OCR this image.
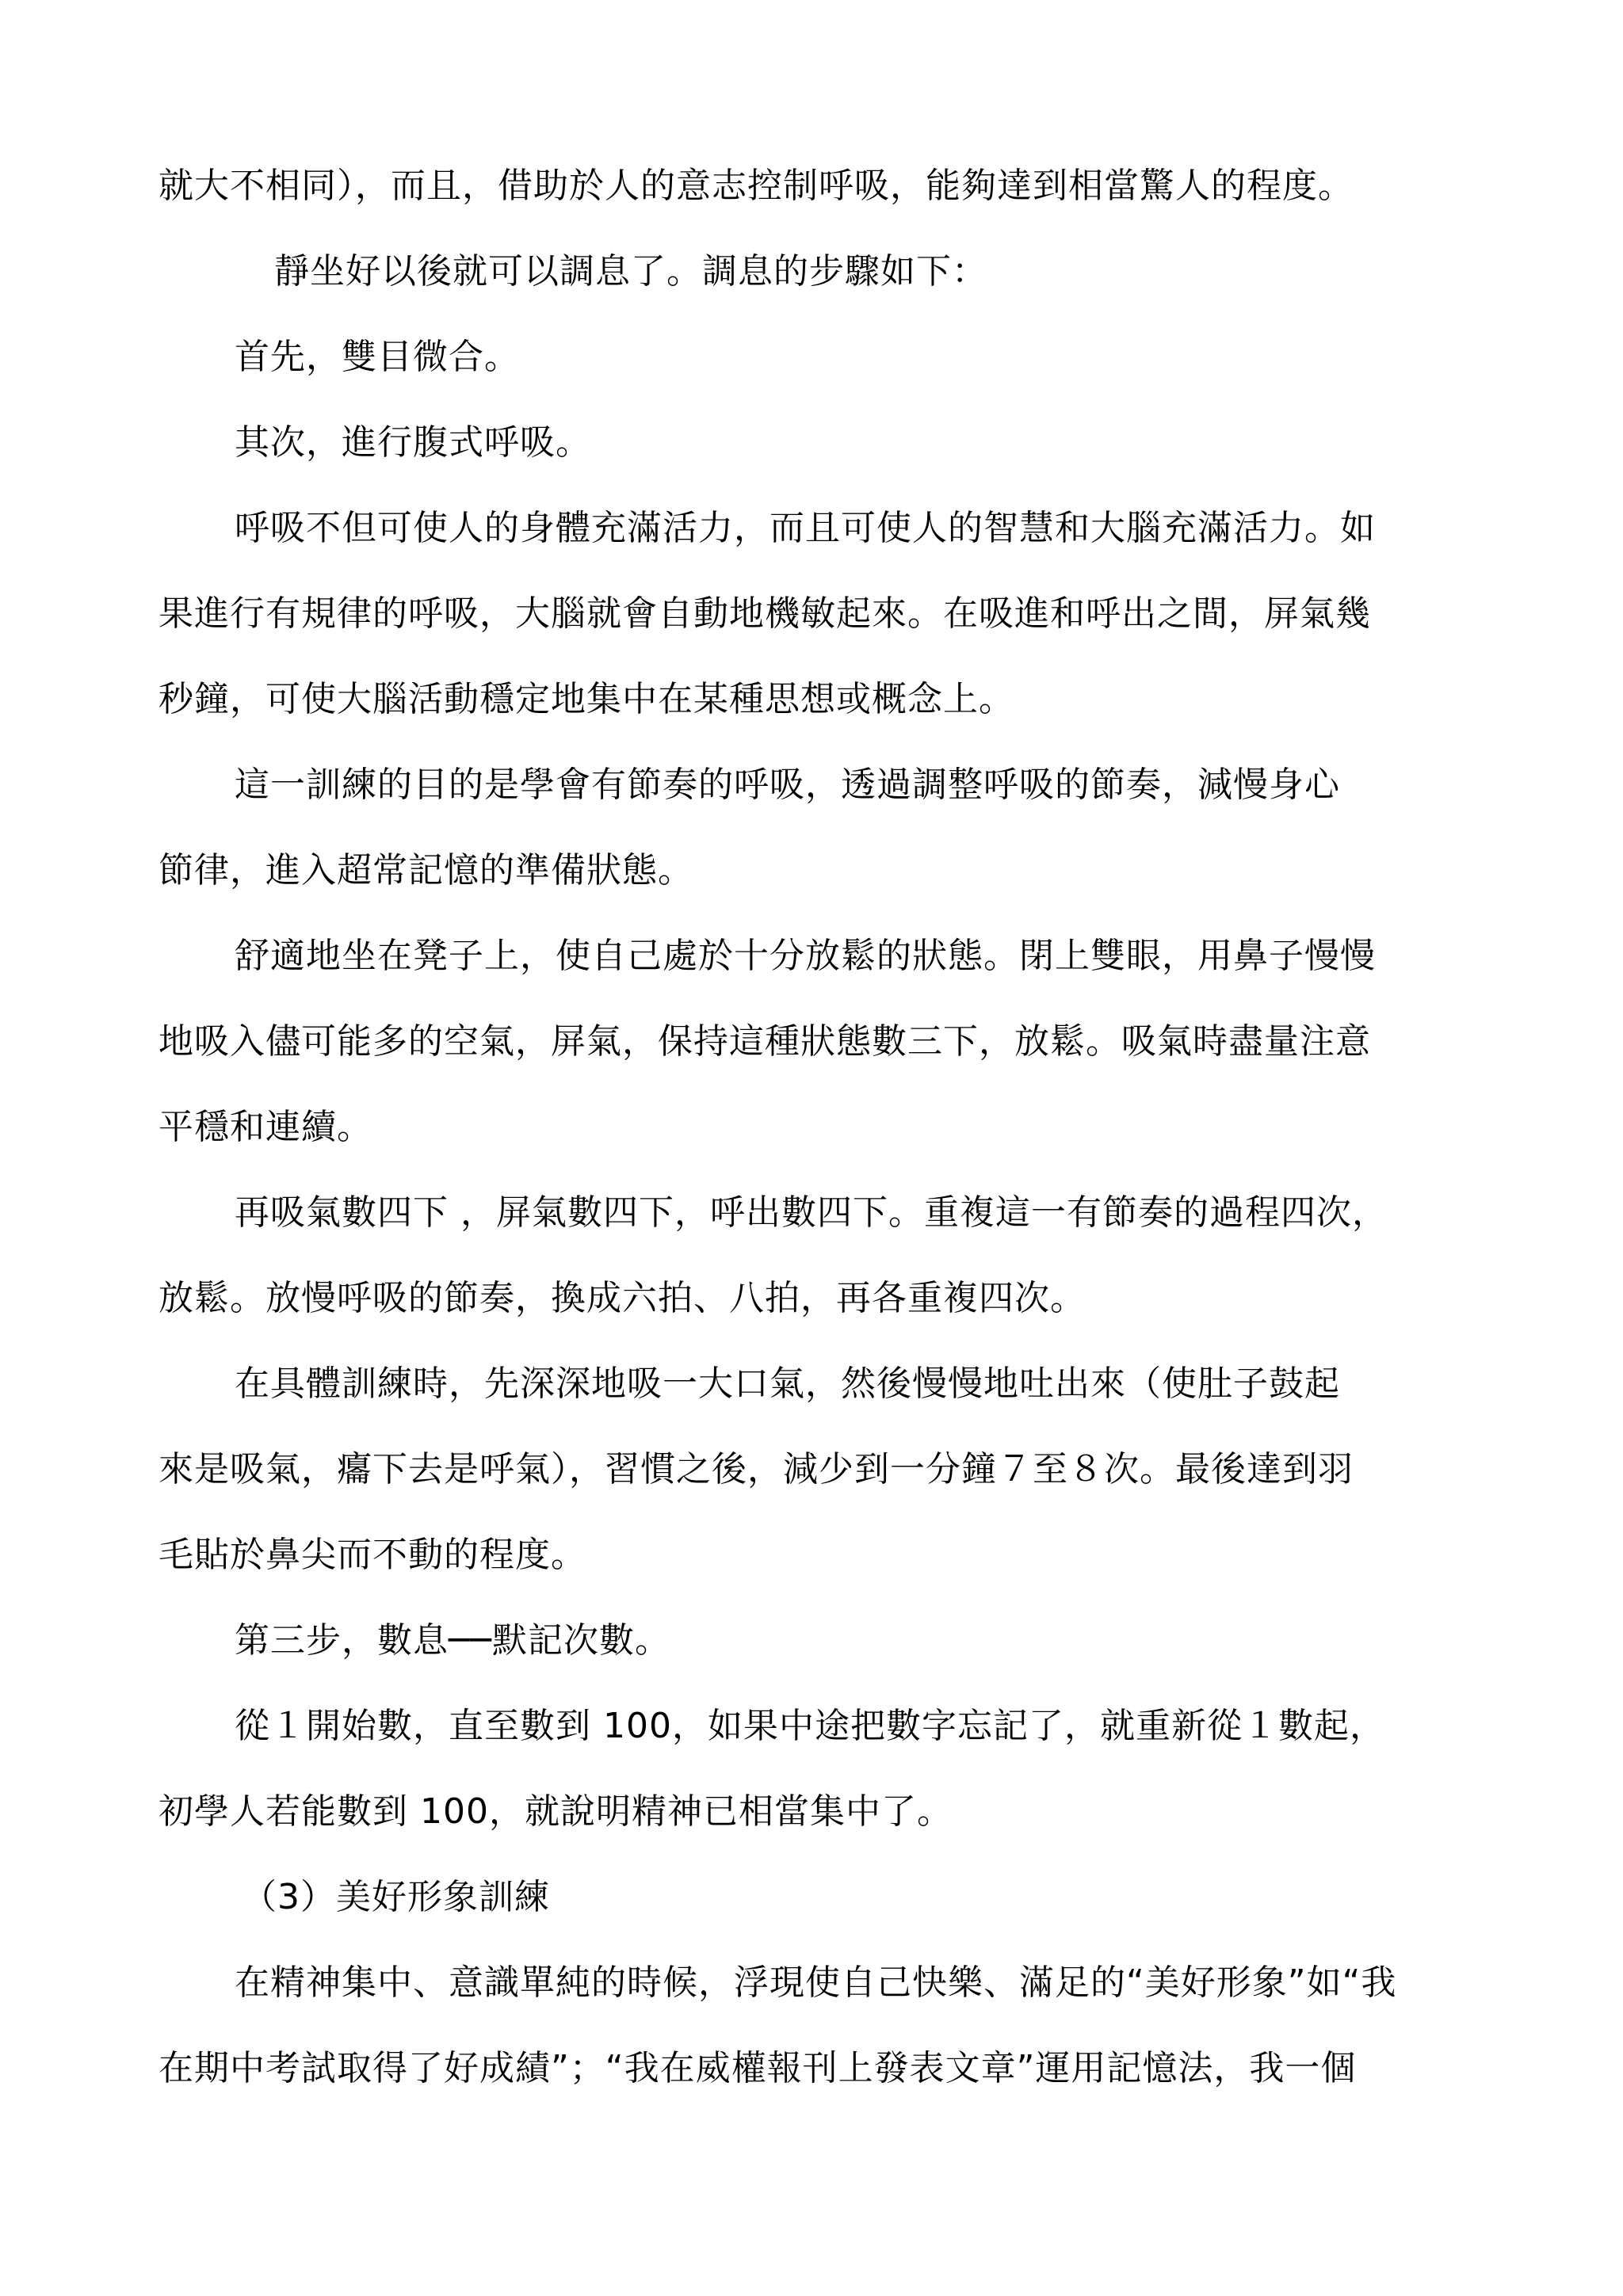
就大不相同），而且，借助於人的意志控制呼吸，能夠達到相當驚人的程度。
靜坐好以後就可以調息了。調息的步驟如下：
首先，雙目微合。
其次，進行腹式呼吸。
呼吸不但可使人的身體充滿活力，而且可使人的智慧和大腦充滿活力。如
果進行有規律的呼吸，大腦就會自動地機敏起來。在吸進和呼出之間，屏氣幾
秒鐘，可使大腦活動穩定地集中在某種思想或概念上。
這一訓練的目的是學會有節奏的呼吸，透過調整呼吸的節奏，減慢身心
節律，進入超常記憶的準備狀態。
舒適地坐在凳子上，使自己處於十分放鬆的狀態。閉上雙眼，用鼻子慢慢
地吸入儘可能多的空氣，屏氣，保持這種狀態數三下，放鬆。吸氣時盡量注意
平穩和連續。
再吸氣數四下 ，屏氣數四下，呼出數四下。重複這一有節奏的過程四次，
放鬆。放慢呼吸的節奏，換成六拍、八拍，再各重複四次。
在具體訓練時，先深深地吸一大口氣，然後慢慢地吐出來（使肚子鼓起
來是吸氣，癟下去是呼氣），習慣之後，減少到一分鐘７至８次。最後達到羽
毛貼於鼻尖而不動的程度。
第三步，數息──默記次數。
從１開始數，直至數到 100，如果中途把數字忘記了，就重新從１數起，
初學人若能數到 100，就說明精神已相當集中了。
（3）美好形象訓練
在精神集中、意識單純的時候，浮現使自己快樂、滿足的“美好形象”如“我
在期中考試取得了好成績”；“我在威權報刊上發表文章”運用記憶法，我一個
